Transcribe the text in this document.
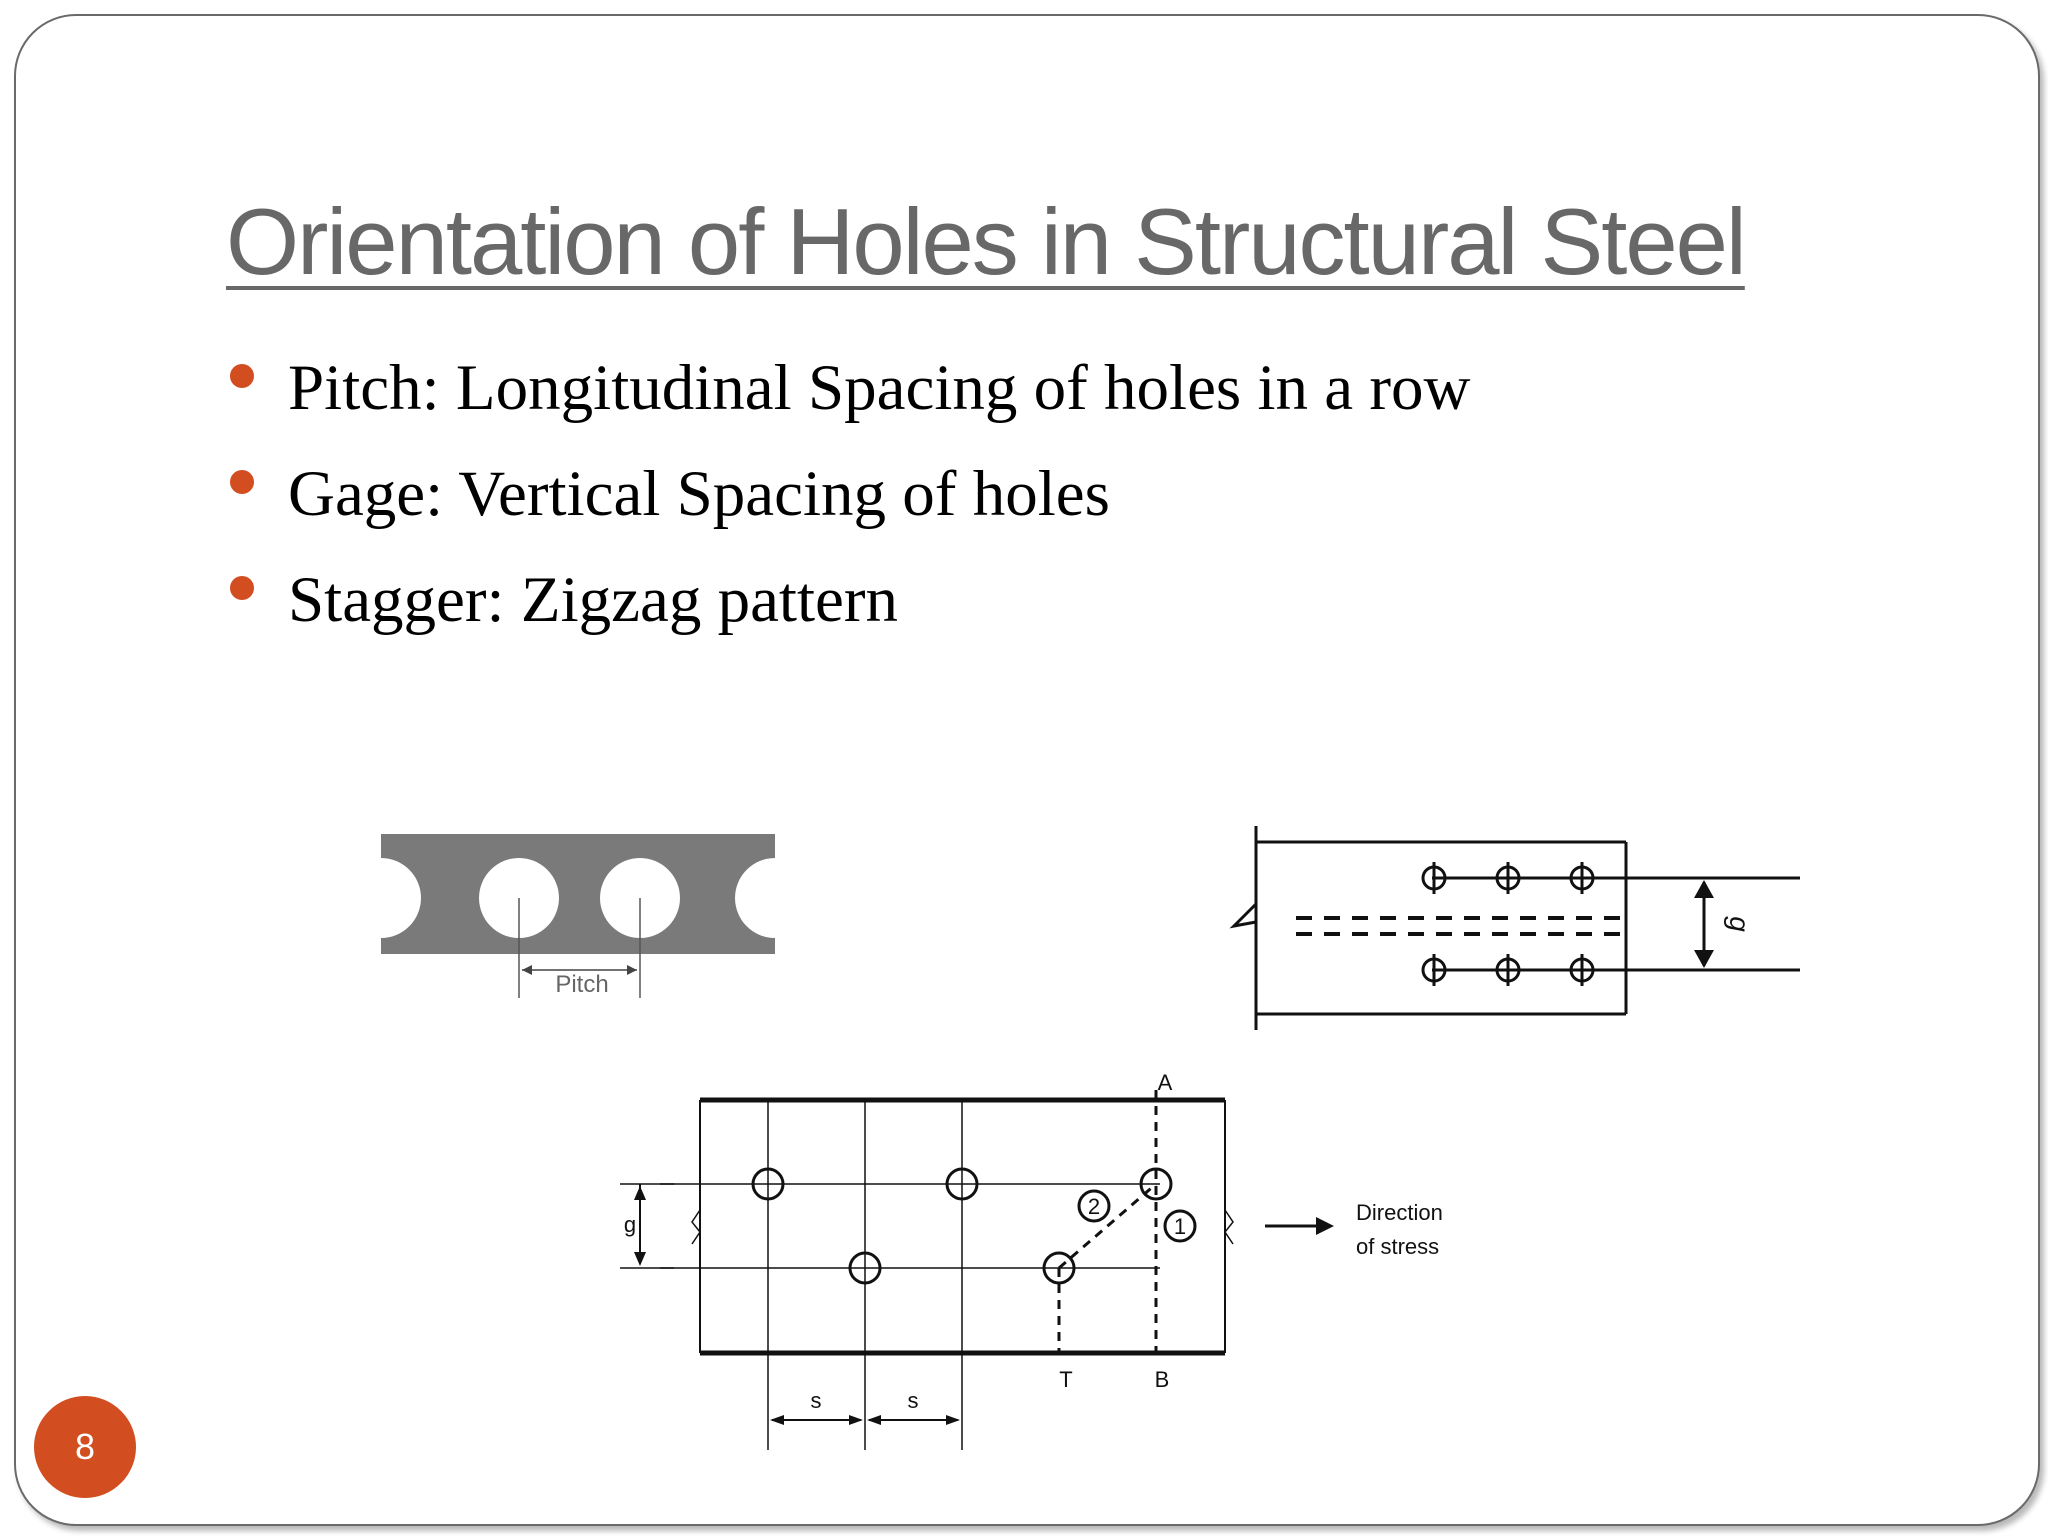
Orientation of Holes in Structural Steel
Pitch: Longitudinal Spacing of holes in a row
Gage: Vertical Spacing of holes
Stagger: Zigzag pattern
Pitch
g
A
B
T
g
s	s
2
1
Direction
of stress
8
